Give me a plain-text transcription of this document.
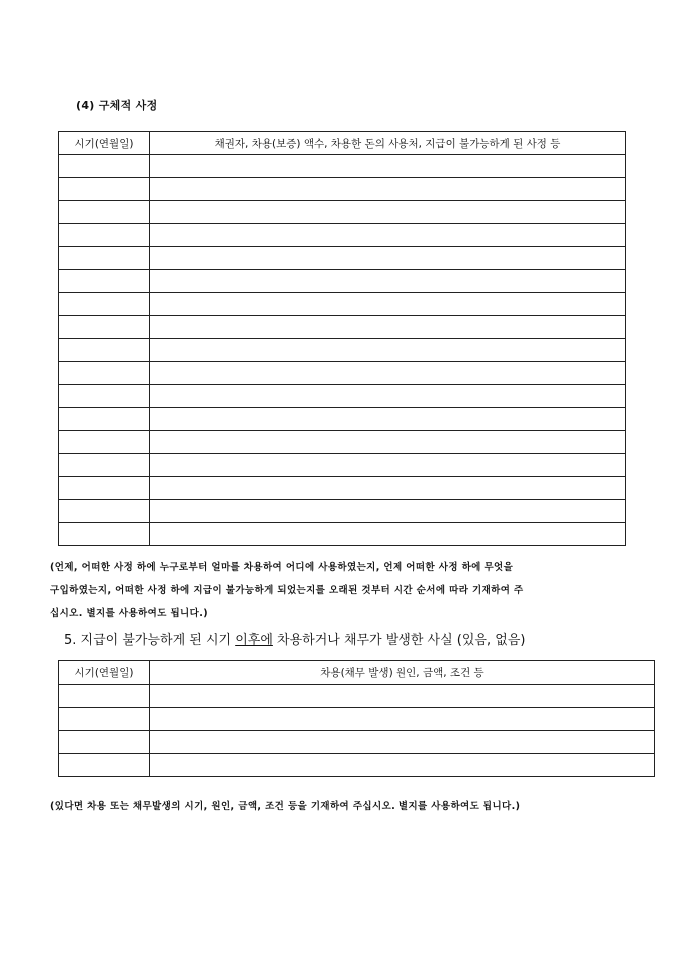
(4) 구체적 사정
시기(연월일)	채권자, 차용(보증) 액수, 차용한 돈의 사용처, 지급이 불가능하게 된 사정 등

(언제, 어떠한 사정 하에 누구로부터 얼마를 차용하여 어디에 사용하였는지, 언제 어떠한 사정 하에 무엇을
구입하였는지, 어떠한 사정 하에 지급이 불가능하게 되었는지를 오래된 것부터 시간 순서에 따라 기재하여 주
십시오. 별지를 사용하여도 됩니다.)
5. 지급이 불가능하게 된 시기 이후에 차용하거나 채무가 발생한 사실 (있음, 없음)
시기(연월일)	차용(채무 발생) 원인, 금액, 조건 등

(있다면 차용 또는 채무발생의 시기, 원인, 금액, 조건 등을 기재하여 주십시오. 별지를 사용하여도 됩니다.)
